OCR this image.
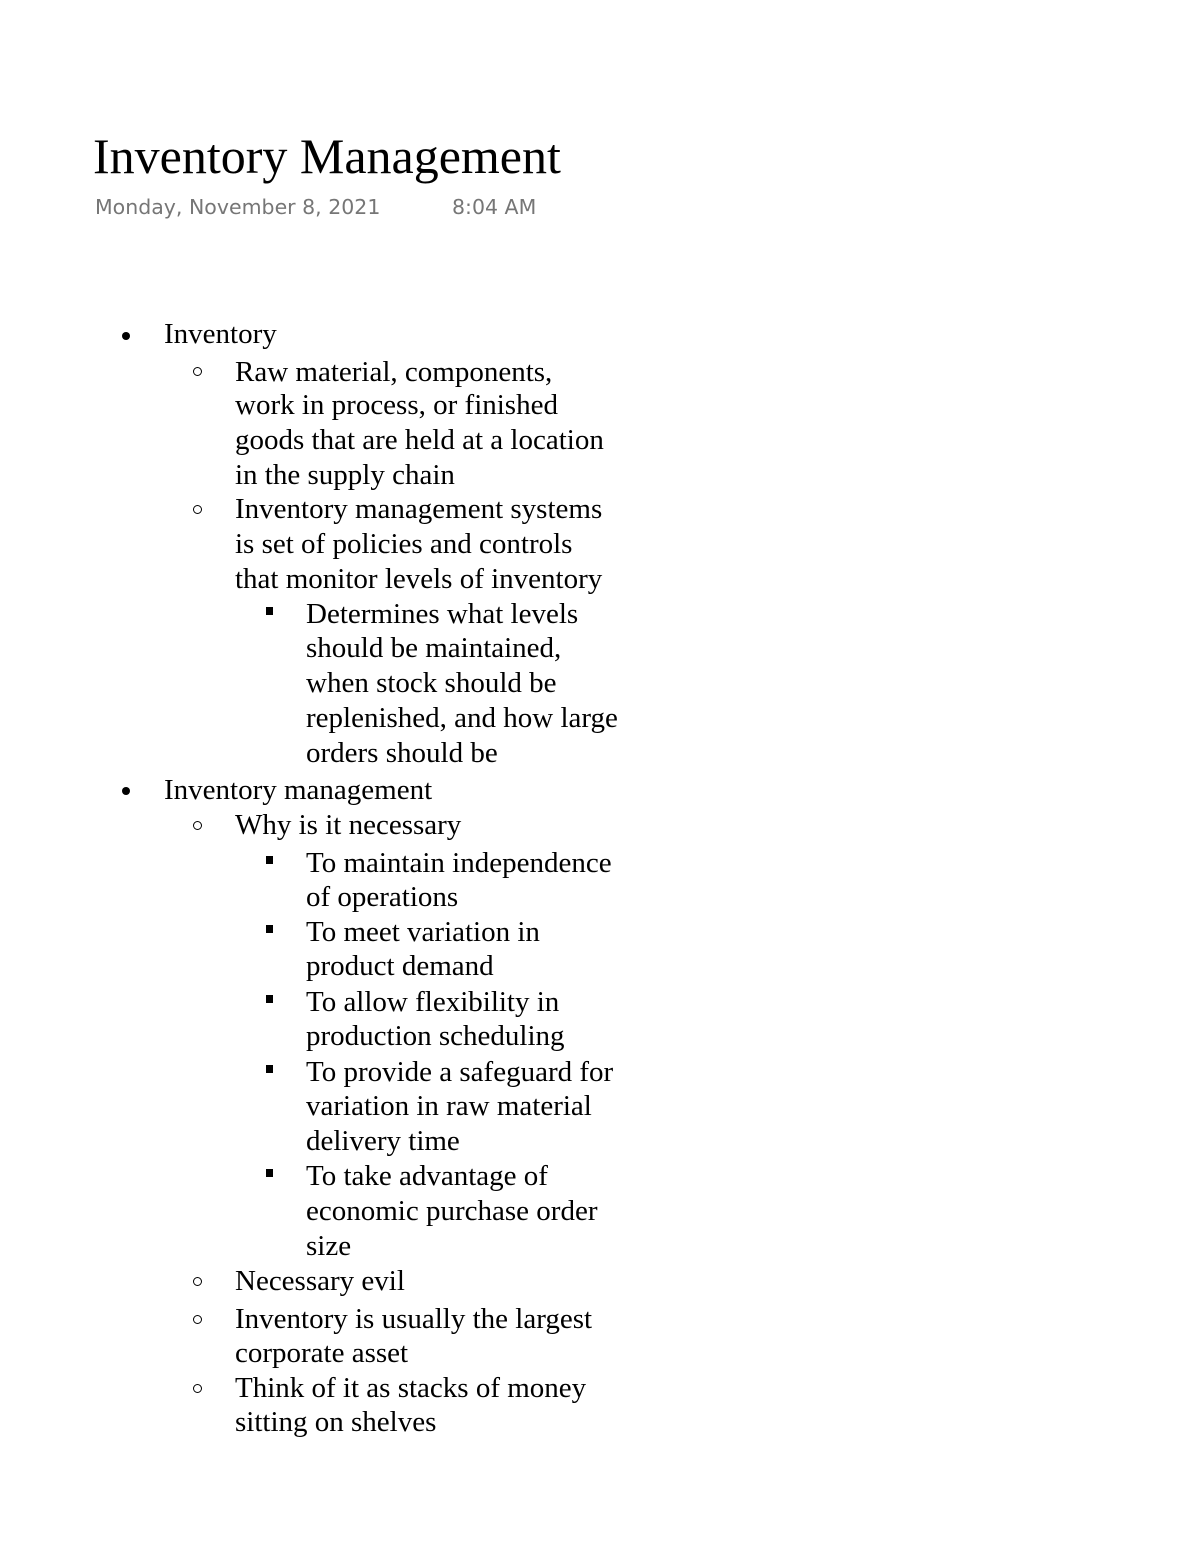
Inventory Management
Monday, November 8, 2021	8:04 AM
Inventory
Raw material, components,
work in process, or finished
goods that are held at a location
in the supply chain
Inventory management systems
is set of policies and controls
that monitor levels of inventory
Determines what levels
should be maintained,
when stock should be
replenished, and how large
orders should be
Inventory management
Why is it necessary
To maintain independence
of operations
To meet variation in
product demand
To allow flexibility in
production scheduling
To provide a safeguard for
variation in raw material
delivery time
To take advantage of
economic purchase order
size
Necessary evil
Inventory is usually the largest
corporate asset
Think of it as stacks of money
sitting on shelves
